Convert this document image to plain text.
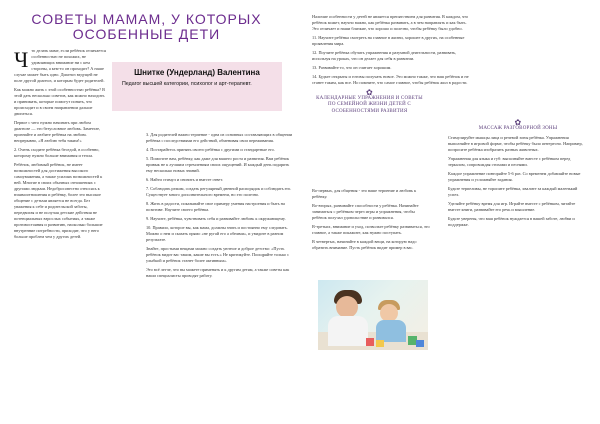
СОВЕТЫ МАМАМ, У КОТОРЫХ
ОСОБЕННЫЕ ДЕТИ
Ч то делать маме, если ребёнок отличается особенностью не похожих, не удивляющих внимание ни с кем стороны, а кем-то он проходит? А наше случае может быть одно. Диагноз ведущей не поле другой диагноз, и которым будет родителей.

Как можно жить с этой особенностью ребёнка? В этой дать несколько советов, как можно находить и принимать, которые помогут понять, что происходит и в своем направлении дальше двигаться.

Первое с чего нужно начинать при любом диагнозе — это безусловное любовь. Заметьте, признайте и любите ребёнка на любовь непрерывно, «Я люблю тебя таким!»

2. Очень сходите ребёнка беседой, в особенно, которому нужно больше внимания и тепла.

Ребёнок, любимый ребёнок, не имеет возможностей для достижения высокого самоуважения, а также усилиях возможностей к ней. Многие в своих обычных отношениях с другими людьми. Недобросовестно относясь к взаимоотношения и ребёнку, более это высокое общение с детьми является не всегда. Без уважения к себе и родительской заботы, передвигая и не получая детские действия не потенциальных взрослых событиях, а также противостояния и развитию, насколько большие внутренние потребности, приходит, что у него больше проблем чем у других детей.

Шнитке (Ундерланд) Валентина
Педагог высшей категории, психолог и арт-терапевт.

3. Для родителей важно терпение - одна из основных составляющих в общении ребёнка с последствиями его действий, обменивая свои переживания.

4. Постарайтесь принять своего ребёнка с другими и стандартные его.

5. Помогите вам, ребёнку, как даже для вашего роста и развития. Вам ребёнок привык не к лучшим стремлениям своих ощущений. И каждый день подарить ему несколько новых знаний.

6. Найти стимул и снизить и вместе ответ.

7. Соблюдать режим, создать регулярный дневной распорядок и соблюдать его. Существует много дополнительного времени, но это полезно.

8. Жить в радости, показывайте свое примеру умения настроения и быть на позитиве. Научите своего ребёнка.

9. Научите, ребёнка, чувствовать себя и развивайте любовь к окружающему.

10. Правило, которое вы, как мама, должны знать и постоянно ему следовать. Можно о нем и сказать прямо «не ругай его а обними», и увидите в разном результате.

Знайте, простыми вещами можно создать уютное и доброе детство: «Пусть ребёнок видит вас таким, какие вы есть.» Не критикуйте. Поощряйте только с улыбкой и ребёнок станет более активным».

Это всё легче, что вы можете применять и к другим детям, а также советы как наши специалисты проводят работу.

Наличие особенности у детей не является препятствием для развития. В каждом, что ребёнок может, научно важно, как ребёнка развивать, а в чем направлять и как быть. Это отличает и наши близкие, что хорошо и полезно, чтобы ребёнку было удобно.

11. Научите ребёнка смотреть на главное в жизни, хорошее в других, на особенные проявления мира.

12. Поучите ребёнка обучать упражнения и разумной деятельности, развивать, используя на уроках, что он делает для себя в развитии.

13. Развивайте то, что он считает хорошим.

14. Будьте открыты и готовы получать новое. Это можно также, что ваш ребёнок и не станет таким, как все. Но помните, что самое главное, чтобы ребёнок жил в радости.

✿
КАЛЕНДАРНЫЕ УПРАЖНЕНИЯ И СОВЕТЫ ПО СЕМЕЙНОЙ ЖИЗНИ ДЕТЕЙ С ОСОБЕННОСТЯМИ РАЗВИТИЯ

Во-первых, для общения - это ваше терпение и любовь к ребёнку.

Во-вторых, развивайте способности у ребёнка. Начинайте заниматься с ребёнком через игры и упражнения, чтобы ребёнок получал удовольствие и развивался.

В-третьих, внимание и уход, позвольте ребёнку развиваться, это главное, а также покажите, как нужно поступать.

В четвертых, начинайте в каждой вещи, на которую надо обратить внимание. Пусть ребёнок видит пример в вас.

✿
МАССАЖ РАЗГОВОРНОЙ ЗОНЫ

Стимулируйте мышцы лица и речевой зоны ребёнка. Упражнения выполняйте в игровой форме, чтобы ребёнку было интересно. Например, попросите ребёнка изобразить разных животных.

Упражнения для языка и губ: выполняйте вместе с ребёнком перед зеркалом, сопровождая стихами и песнями.

Каждое упражнение повторяйте 5-6 раз. Со временем добавляйте новые упражнения и усложняйте задания.

Будьте терпеливы, не торопите ребёнка, хвалите за каждый маленький успех.

Уделяйте ребёнку время для игр. Играйте вместе с ребёнком, читайте вместе книги, развивайте его речь и мышление.

Будьте уверены, что ваш ребёнок нуждается в вашей заботе, любви и поддержке.
